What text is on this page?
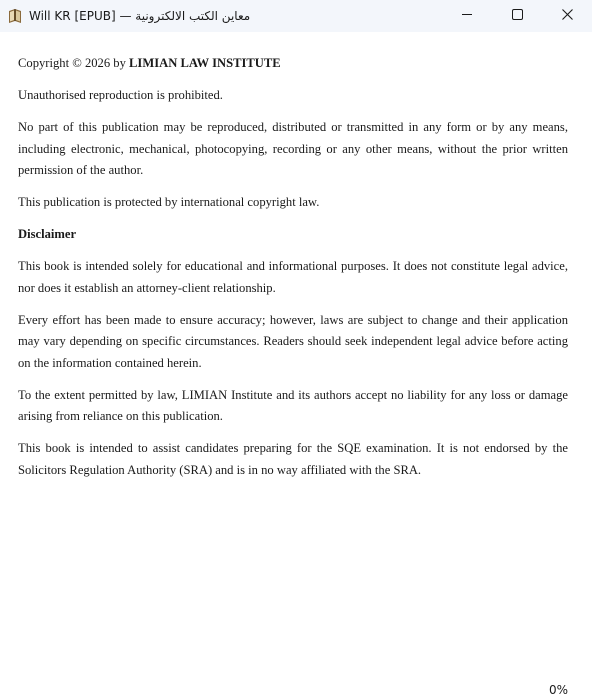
Will KR [EPUB] — معاين الكتب الالكترونية

Copyright © 2026 by LIMIAN LAW INSTITUTE

Unauthorised reproduction is prohibited.

No part of this publication may be reproduced, distributed or transmitted in any form or by any means, including electronic, mechanical, photocopying, recording or any other means, without the prior written permission of the author.

This publication is protected by international copyright law.

Disclaimer

This book is intended solely for educational and informational purposes. It does not constitute legal advice, nor does it establish an attorney-client relationship.

Every effort has been made to ensure accuracy; however, laws are subject to change and their application may vary depending on specific circumstances. Readers should seek independent legal advice before acting on the information contained herein.

To the extent permitted by law, LIMIAN Institute and its authors accept no liability for any loss or damage arising from reliance on this publication.

This book is intended to assist candidates preparing for the SQE examination. It is not endorsed by the Solicitors Regulation Authority (SRA) and is in no way affiliated with the SRA.

0%
